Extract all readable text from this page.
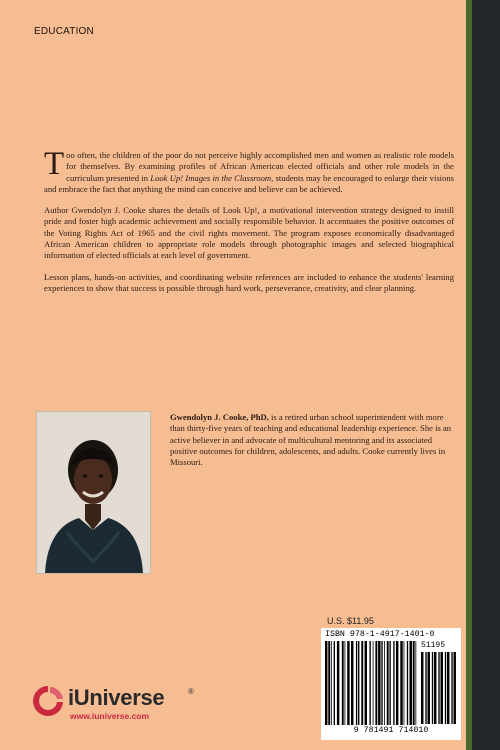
EDUCATION

Too often, the children of the poor do not perceive highly accomplished men and women as realistic role models for themselves. By examining profiles of African American elected officials and other role models in the curriculum presented in Look Up! Images in the Classroom, students may be encouraged to enlarge their visions and embrace the fact that anything the mind can conceive and believe can be achieved.

Author Gwendolyn J. Cooke shares the details of Look Up!, a motivational intervention strategy designed to instill pride and foster high academic achievement and socially responsible behavior. It accentuates the positive outcomes of the Voting Rights Act of 1965 and the civil rights movement. The program exposes economically disadvantaged African American children to appropriate role models through photographic images and selected biographical information of elected officials at each level of government.

Lesson plans, hands-on activities, and coordinating website references are included to enhance the students' learning experiences to show that success is possible through hard work, perseverance, creativity, and clear planning.

Gwendolyn J. Cooke, PhD, is a retired urban school superintendent with more than thirty-five years of teaching and educational leadership experience. She is an active believer in and advocate of multicultural mentoring and its associated positive outcomes for children, adolescents, and adults. Cooke currently lives in Missouri.
U.S. $11.95
ISBN 978-1-4917-1401-0
51195
9 781491 714010
iUniverse	®
www.iuniverse.com
